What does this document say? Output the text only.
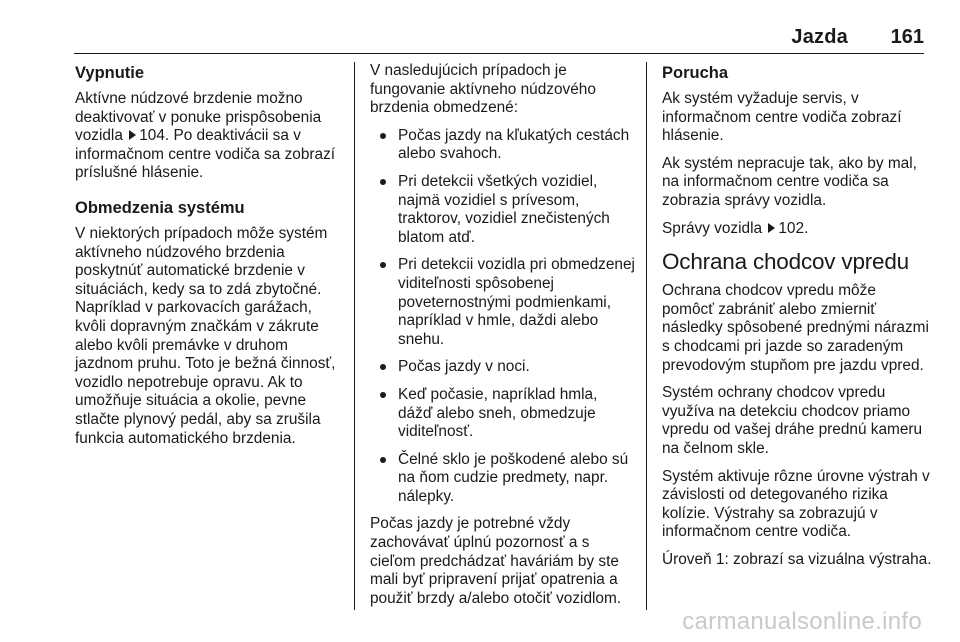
Jazda 161
Vypnutie

Aktívne núdzové brzdenie možno deaktivovať v ponuke prispôsobenia vozidla 104. Po deaktivácii sa v informačnom centre vodiča sa zobrazí príslušné hlásenie.

Obmedzenia systému

V niektorých prípadoch môže systém aktívneho núdzového brzdenia poskytnúť automatické brzdenie v situáciách, kedy sa to zdá zbytočné. Napríklad v parkovacích garážach, kvôli dopravným značkám v zákrute alebo kvôli premávke v druhom jazdnom pruhu. Toto je bežná činnosť, vozidlo nepotrebuje opravu. Ak to umožňuje situácia a okolie, pevne stlačte plynový pedál, aby sa zrušila funkcia automatického brzdenia.

V nasledujúcich prípadoch je fungovanie aktívneho núdzového brzdenia obmedzené:

Počas jazdy na kľukatých cestách alebo svahoch.
Pri detekcii všetkých vozidiel, najmä vozidiel s prívesom, traktorov, vozidiel znečistených blatom atď.
Pri detekcii vozidla pri obmedzenej viditeľnosti spôsobenej poveternostnými podmienkami, napríklad v hmle, daždi alebo snehu.
Počas jazdy v noci.
Keď počasie, napríklad hmla, dážď alebo sneh, obmedzuje viditeľnosť.
Čelné sklo je poškodené alebo sú na ňom cudzie predmety, napr. nálepky.

Počas jazdy je potrebné vždy zachovávať úplnú pozornosť a s cieľom predchádzať haváriám by ste mali byť pripravení prijať opatrenia a použiť brzdy a/alebo otočiť vozidlom.

Porucha

Ak systém vyžaduje servis, v informačnom centre vodiča zobrazí hlásenie.

Ak systém nepracuje tak, ako by mal, na informačnom centre vodiča sa zobrazia správy vozidla.

Správy vozidla 102.

Ochrana chodcov vpredu

Ochrana chodcov vpredu môže pomôcť zabrániť alebo zmierniť následky spôsobené prednými nárazmi s chodcami pri jazde so zaradeným prevodovým stupňom pre jazdu vpred.

Systém ochrany chodcov vpredu využíva na detekciu chodcov priamo vpredu od vašej dráhe prednú kameru na čelnom skle.

Systém aktivuje rôzne úrovne výstrah v závislosti od detegovaného rizika kolízie. Výstrahy sa zobrazujú v informačnom centre vodiča.

Úroveň 1: zobrazí sa vizuálna výstraha.

carmanualsonline.info
